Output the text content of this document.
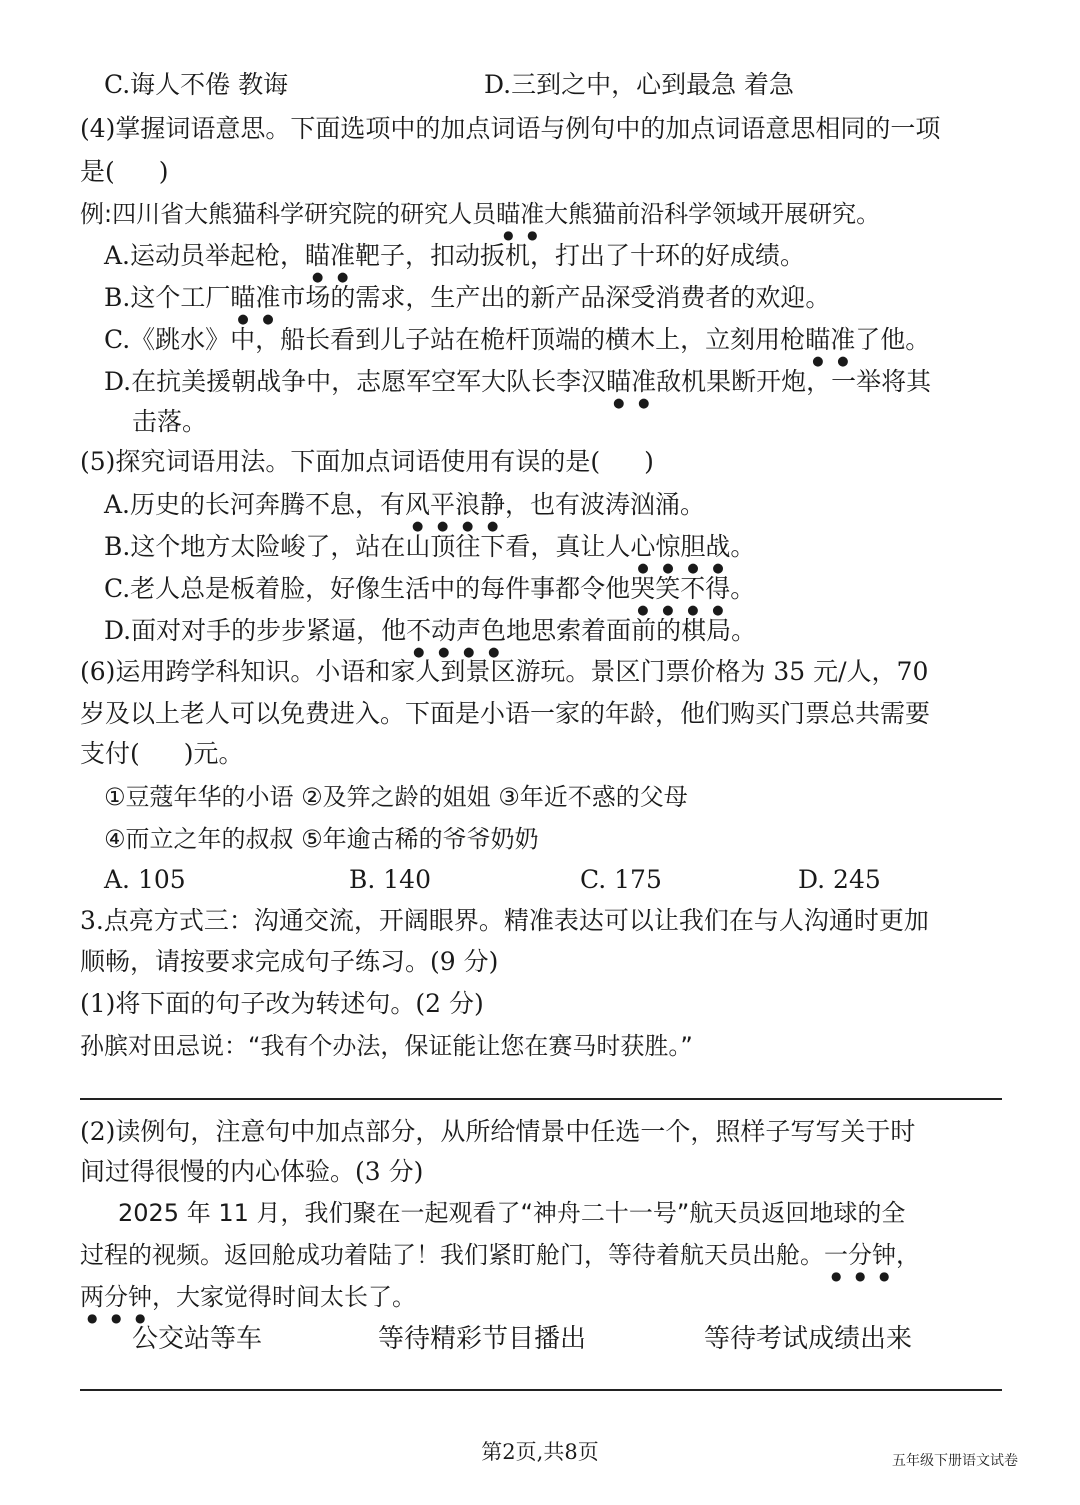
C.诲人不倦 教诲	D.三到之中，心到最急 着急
(4)掌握词语意思。下面选项中的加点词语与例句中的加点词语意思相同的一项
是( )
例:四川省大熊猫科学研究院的研究人员瞄准大熊猫前沿科学领域开展研究。
A.运动员举起枪，瞄准靶子，扣动扳机，打出了十环的好成绩。
B.这个工厂瞄准市场的需求，生产出的新产品深受消费者的欢迎。
C.《跳水》中，船长看到儿子站在桅杆顶端的横木上，立刻用枪瞄准了他。
D.在抗美援朝战争中，志愿军空军大队长李汉瞄准敌机果断开炮，一举将其
击落。
(5)探究词语用法。下面加点词语使用有误的是( )
A.历史的长河奔腾不息，有风平浪静，也有波涛汹涌。
B.这个地方太险峻了，站在山顶往下看，真让人心惊胆战。
C.老人总是板着脸，好像生活中的每件事都令他哭笑不得。
D.面对对手的步步紧逼，他不动声色地思索着面前的棋局。
(6)运用跨学科知识。小语和家人到景区游玩。景区门票价格为 35 元/人，70
岁及以上老人可以免费进入。下面是小语一家的年龄，他们购买门票总共需要
支付( )元。
①豆蔻年华的小语 ②及笄之龄的姐姐 ③年近不惑的父母
④而立之年的叔叔 ⑤年逾古稀的爷爷奶奶
A. 105	B. 140	C. 175	D. 245
3.点亮方式三：沟通交流，开阔眼界。精准表达可以让我们在与人沟通时更加
顺畅，请按要求完成句子练习。(9 分)
(1)将下面的句子改为转述句。(2 分)
孙膑对田忌说：“我有个办法，保证能让您在赛马时获胜。”
(2)读例句，注意句中加点部分，从所给情景中任选一个，照样子写写关于时
间过得很慢的内心体验。(3 分)
2025 年 11 月，我们聚在一起观看了“神舟二十一号”航天员返回地球的全
过程的视频。返回舱成功着陆了！我们紧盯舱门，等待着航天员出舱。一分钟，
两分钟，大家觉得时间太长了。
公交站等车	等待精彩节目播出	等待考试成绩出来
第2页,共8页	五年级下册语文试卷
